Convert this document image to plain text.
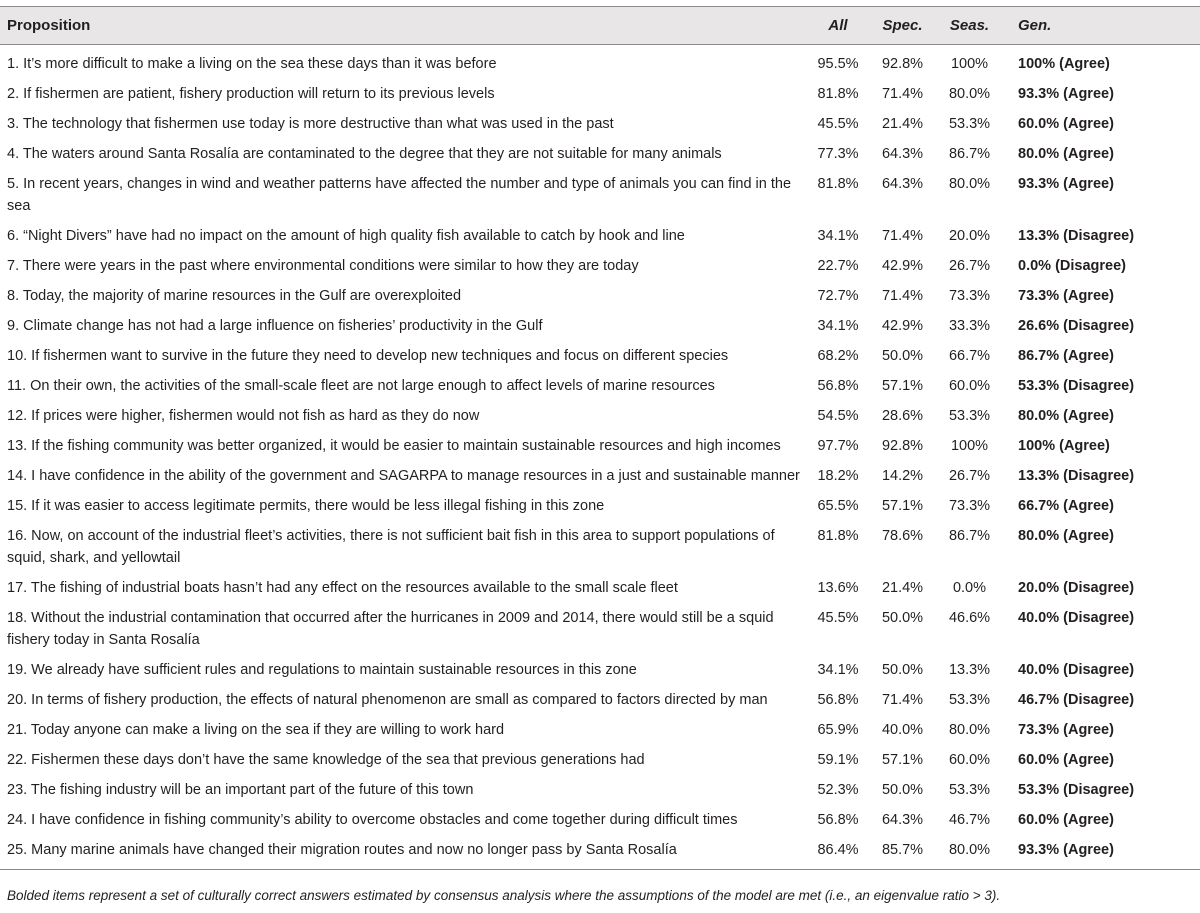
Proposition	All	Spec.	Seas.	Gen.
1. It’s more difficult to make a living on the sea these days than it was before	95.5%	92.8%	100%	100% (Agree)
2. If fishermen are patient, fishery production will return to its previous levels	81.8%	71.4%	80.0%	93.3% (Agree)
3. The technology that fishermen use today is more destructive than what was used in the past	45.5%	21.4%	53.3%	60.0% (Agree)
4. The waters around Santa Rosalía are contaminated to the degree that they are not suitable for many animals	77.3%	64.3%	86.7%	80.0% (Agree)
5. In recent years, changes in wind and weather patterns have affected the number and type of animals you can find in the sea	81.8%	64.3%	80.0%	93.3% (Agree)
6. “Night Divers” have had no impact on the amount of high quality fish available to catch by hook and line	34.1%	71.4%	20.0%	13.3% (Disagree)
7. There were years in the past where environmental conditions were similar to how they are today	22.7%	42.9%	26.7%	0.0% (Disagree)
8. Today, the majority of marine resources in the Gulf are overexploited	72.7%	71.4%	73.3%	73.3% (Agree)
9. Climate change has not had a large influence on fisheries’ productivity in the Gulf	34.1%	42.9%	33.3%	26.6% (Disagree)
10. If fishermen want to survive in the future they need to develop new techniques and focus on different species	68.2%	50.0%	66.7%	86.7% (Agree)
11. On their own, the activities of the small-scale fleet are not large enough to affect levels of marine resources	56.8%	57.1%	60.0%	53.3% (Disagree)
12. If prices were higher, fishermen would not fish as hard as they do now	54.5%	28.6%	53.3%	80.0% (Agree)
13. If the fishing community was better organized, it would be easier to maintain sustainable resources and high incomes	97.7%	92.8%	100%	100% (Agree)
14. I have confidence in the ability of the government and SAGARPA to manage resources in a just and sustainable manner	18.2%	14.2%	26.7%	13.3% (Disagree)
15. If it was easier to access legitimate permits, there would be less illegal fishing in this zone	65.5%	57.1%	73.3%	66.7% (Agree)
16. Now, on account of the industrial fleet’s activities, there is not sufficient bait fish in this area to support populations of squid, shark, and yellowtail	81.8%	78.6%	86.7%	80.0% (Agree)
17. The fishing of industrial boats hasn’t had any effect on the resources available to the small scale fleet	13.6%	21.4%	0.0%	20.0% (Disagree)
18. Without the industrial contamination that occurred after the hurricanes in 2009 and 2014, there would still be a squid fishery today in Santa Rosalía	45.5%	50.0%	46.6%	40.0% (Disagree)
19. We already have sufficient rules and regulations to maintain sustainable resources in this zone	34.1%	50.0%	13.3%	40.0% (Disagree)
20. In terms of fishery production, the effects of natural phenomenon are small as compared to factors directed by man	56.8%	71.4%	53.3%	46.7% (Disagree)
21. Today anyone can make a living on the sea if they are willing to work hard	65.9%	40.0%	80.0%	73.3% (Agree)
22. Fishermen these days don’t have the same knowledge of the sea that previous generations had	59.1%	57.1%	60.0%	60.0% (Agree)
23. The fishing industry will be an important part of the future of this town	52.3%	50.0%	53.3%	53.3% (Disagree)
24. I have confidence in fishing community’s ability to overcome obstacles and come together during difficult times	56.8%	64.3%	46.7%	60.0% (Agree)
25. Many marine animals have changed their migration routes and now no longer pass by Santa Rosalía	86.4%	85.7%	80.0%	93.3% (Agree)
Bolded items represent a set of culturally correct answers estimated by consensus analysis where the assumptions of the model are met (i.e., an eigenvalue ratio > 3).
